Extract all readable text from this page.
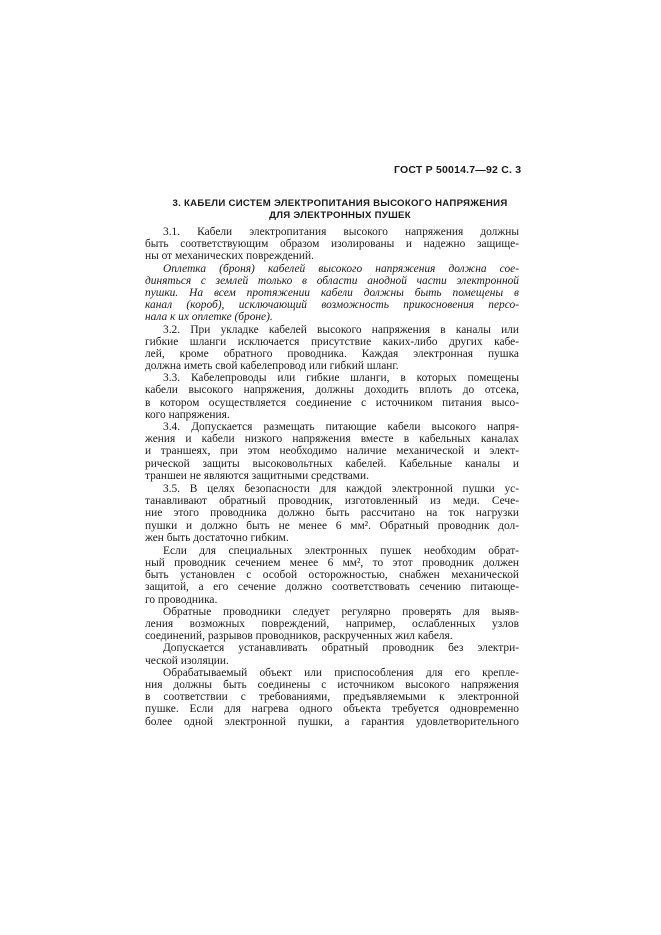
ГОСТ Р 50014.7—92 С. 3
3. КАБЕЛИ СИСТЕМ ЭЛЕКТРОПИТАНИЯ ВЫСОКОГО НАПРЯЖЕНИЯ
ДЛЯ ЭЛЕКТРОННЫХ ПУШЕК
3.1. Кабели электропитания высокого напряжения должны
быть соответствующим образом изолированы и надежно защище-
ны от механических повреждений.
Оплетка (броня) кабелей высокого напряжения должна сое-
диняться с землей только в области анодной части электронной
пушки. На всем протяжении кабели должны быть помещены в
канал (короб), исключающий возможность прикосновения персо-
нала к их оплетке (броне).
3.2. При укладке кабелей высокого напряжения в каналы или
гибкие шланги исключается присутствие каких-либо других кабе-
лей, кроме обратного проводника. Каждая электронная пушка
должна иметь свой кабелепровод или гибкий шланг.
3.3. Кабелепроводы или гибкие шланги, в которых помещены
кабели высокого напряжения, должны доходить вплоть до отсека,
в котором осуществляется соединение с источником питания высо-
кого напряжения.
3.4. Допускается размещать питающие кабели высокого напря-
жения и кабели низкого напряжения вместе в кабельных каналах
и траншеях, при этом необходимо наличие механической и элект-
рической защиты высоковольтных кабелей. Кабельные каналы и
траншеи не являются защитными средствами.
3.5. В целях безопасности для каждой электронной пушки ус-
танавливают обратный проводник, изготовленный из меди. Сече-
ние этого проводника должно быть рассчитано на ток нагрузки
пушки и должно быть не менее 6 мм². Обратный проводник дол-
жен быть достаточно гибким.
Если для специальных электронных пушек необходим обрат-
ный проводник сечением менее 6 мм², то этот проводник должен
быть установлен с особой осторожностью, снабжен механической
защитой, а его сечение должно соответствовать сечению питающе-
го проводника.
Обратные проводники следует регулярно проверять для выяв-
ления возможных повреждений, например, ослабленных узлов
соединений, разрывов проводников, раскрученных жил кабеля.
Допускается устанавливать обратный проводник без электри-
ческой изоляции.
Обрабатываемый объект или приспособления для его крепле-
ния должны быть соединены с источником высокого напряжения
в соответствии с требованиями, предъявляемыми к электронной
пушке. Если для нагрева одного объекта требуется одновременно
более одной электронной пушки, а гарантия удовлетворительного
